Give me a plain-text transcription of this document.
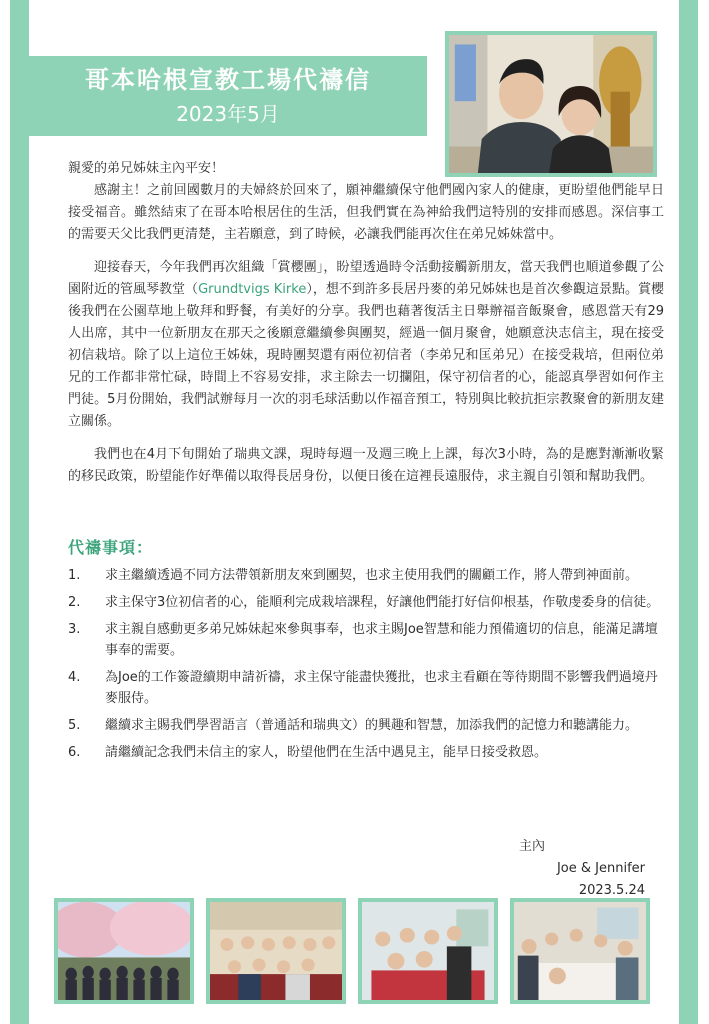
哥本哈根宣教工場代禱信
2023年5月

親愛的弟兄姊妹主內平安！

感謝主！之前回國數月的夫婦終於回來了，願神繼續保守他們國內家人的健康，更盼望他們能早日接受福音。雖然結束了在哥本哈根居住的生活，但我們實在為神給我們這特別的安排而感恩。深信事工的需要天父比我們更清楚，主若願意，到了時候，必讓我們能再次住在弟兄姊妹當中。

迎接春天，今年我們再次組織「賞櫻團」，盼望透過時令活動接觸新朋友，當天我們也順道參觀了公園附近的管風琴教堂（Grundtvigs Kirke），想不到許多長居丹麥的弟兄姊妹也是首次參觀這景點。賞櫻後我們在公園草地上敬拜和野餐，有美好的分享。我們也藉著復活主日舉辦福音飯聚會，感恩當天有29人出席，其中一位新朋友在那天之後願意繼續參與團契，經過一個月聚會，她願意決志信主，現在接受初信栽培。除了以上這位王姊妹，現時團契還有兩位初信者（李弟兄和匡弟兄）在接受栽培，但兩位弟兄的工作都非常忙碌，時間上不容易安排，求主除去一切攔阻，保守初信者的心，能認真學習如何作主門徒。5月份開始，我們試辦每月一次的羽毛球活動以作福音預工，特別與比較抗拒宗教聚會的新朋友建立關係。

我們也在4月下旬開始了瑞典文課，現時每週一及週三晚上上課，每次3小時，為的是應對漸漸收緊的移民政策，盼望能作好準備以取得長居身份，以便日後在這裡長遠服侍，求主親自引領和幫助我們。

代禱事項：
1.	求主繼續透過不同方法帶領新朋友來到團契，也求主使用我們的關顧工作，將人帶到神面前。
2.	求主保守3位初信者的心，能順利完成栽培課程，好讓他們能打好信仰根基，作敬虔委身的信徒。
3.	求主親自感動更多弟兄姊妹起來參與事奉，也求主賜Joe智慧和能力預備適切的信息，能滿足講壇事奉的需要。
4.	為Joe的工作簽證續期申請祈禱，求主保守能盡快獲批，也求主看顧在等待期間不影響我們過境丹麥服侍。
5.	繼續求主賜我們學習語言（普通話和瑞典文）的興趣和智慧，加添我們的記憶力和聽講能力。
6.	請繼續記念我們未信主的家人，盼望他們在生活中遇見主，能早日接受救恩。
主內
Joe & Jennifer
2023.5.24
